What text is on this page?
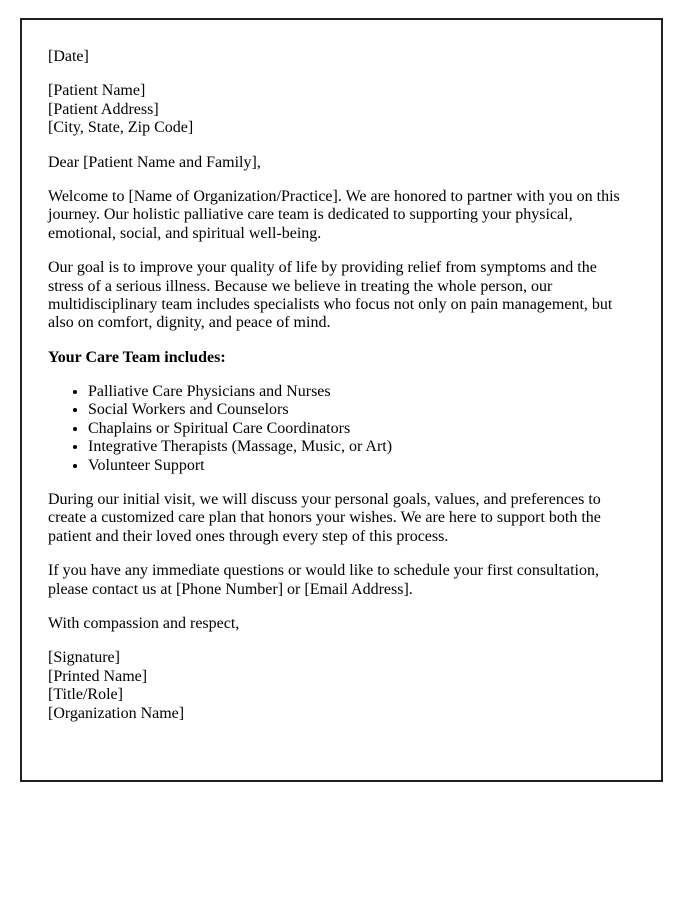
[Date]

[Patient Name]
[Patient Address]
[City, State, Zip Code]

Dear [Patient Name and Family],

Welcome to [Name of Organization/Practice]. We are honored to partner with you on this journey. Our holistic palliative care team is dedicated to supporting your physical, emotional, social, and spiritual well-being.

Our goal is to improve your quality of life by providing relief from symptoms and the stress of a serious illness. Because we believe in treating the whole person, our multidisciplinary team includes specialists who focus not only on pain management, but also on comfort, dignity, and peace of mind.

Your Care Team includes:

• Palliative Care Physicians and Nurses
• Social Workers and Counselors
• Chaplains or Spiritual Care Coordinators
• Integrative Therapists (Massage, Music, or Art)
• Volunteer Support

During our initial visit, we will discuss your personal goals, values, and preferences to create a customized care plan that honors your wishes. We are here to support both the patient and their loved ones through every step of this process.

If you have any immediate questions or would like to schedule your first consultation, please contact us at [Phone Number] or [Email Address].

With compassion and respect,

[Signature]
[Printed Name]
[Title/Role]
[Organization Name]
